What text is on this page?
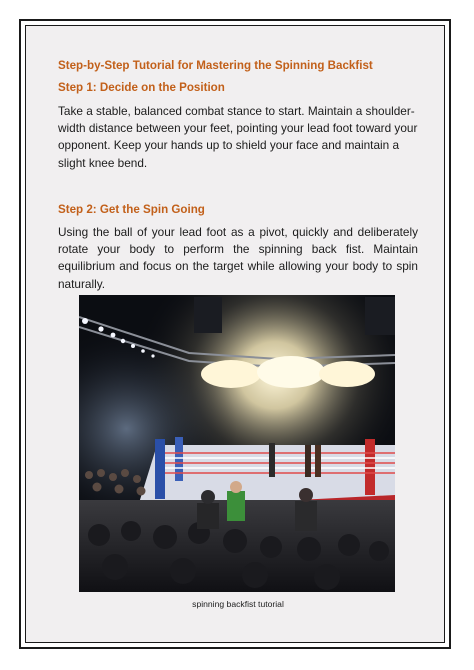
Step-by-Step Tutorial for Mastering the Spinning Backfist
Step 1: Decide on the Position

Take a stable, balanced combat stance to start. Maintain a shoulder-width distance between your feet, pointing your lead foot toward your opponent. Keep your hands up to shield your face and maintain a slight knee bend.

Step 2: Get the Spin Going

Using the ball of your lead foot as a pivot, quickly and deliberately rotate your body to perform the spinning back fist. Maintain equilibrium and focus on the target while allowing your body to spin naturally.

spinning backfist tutorial
